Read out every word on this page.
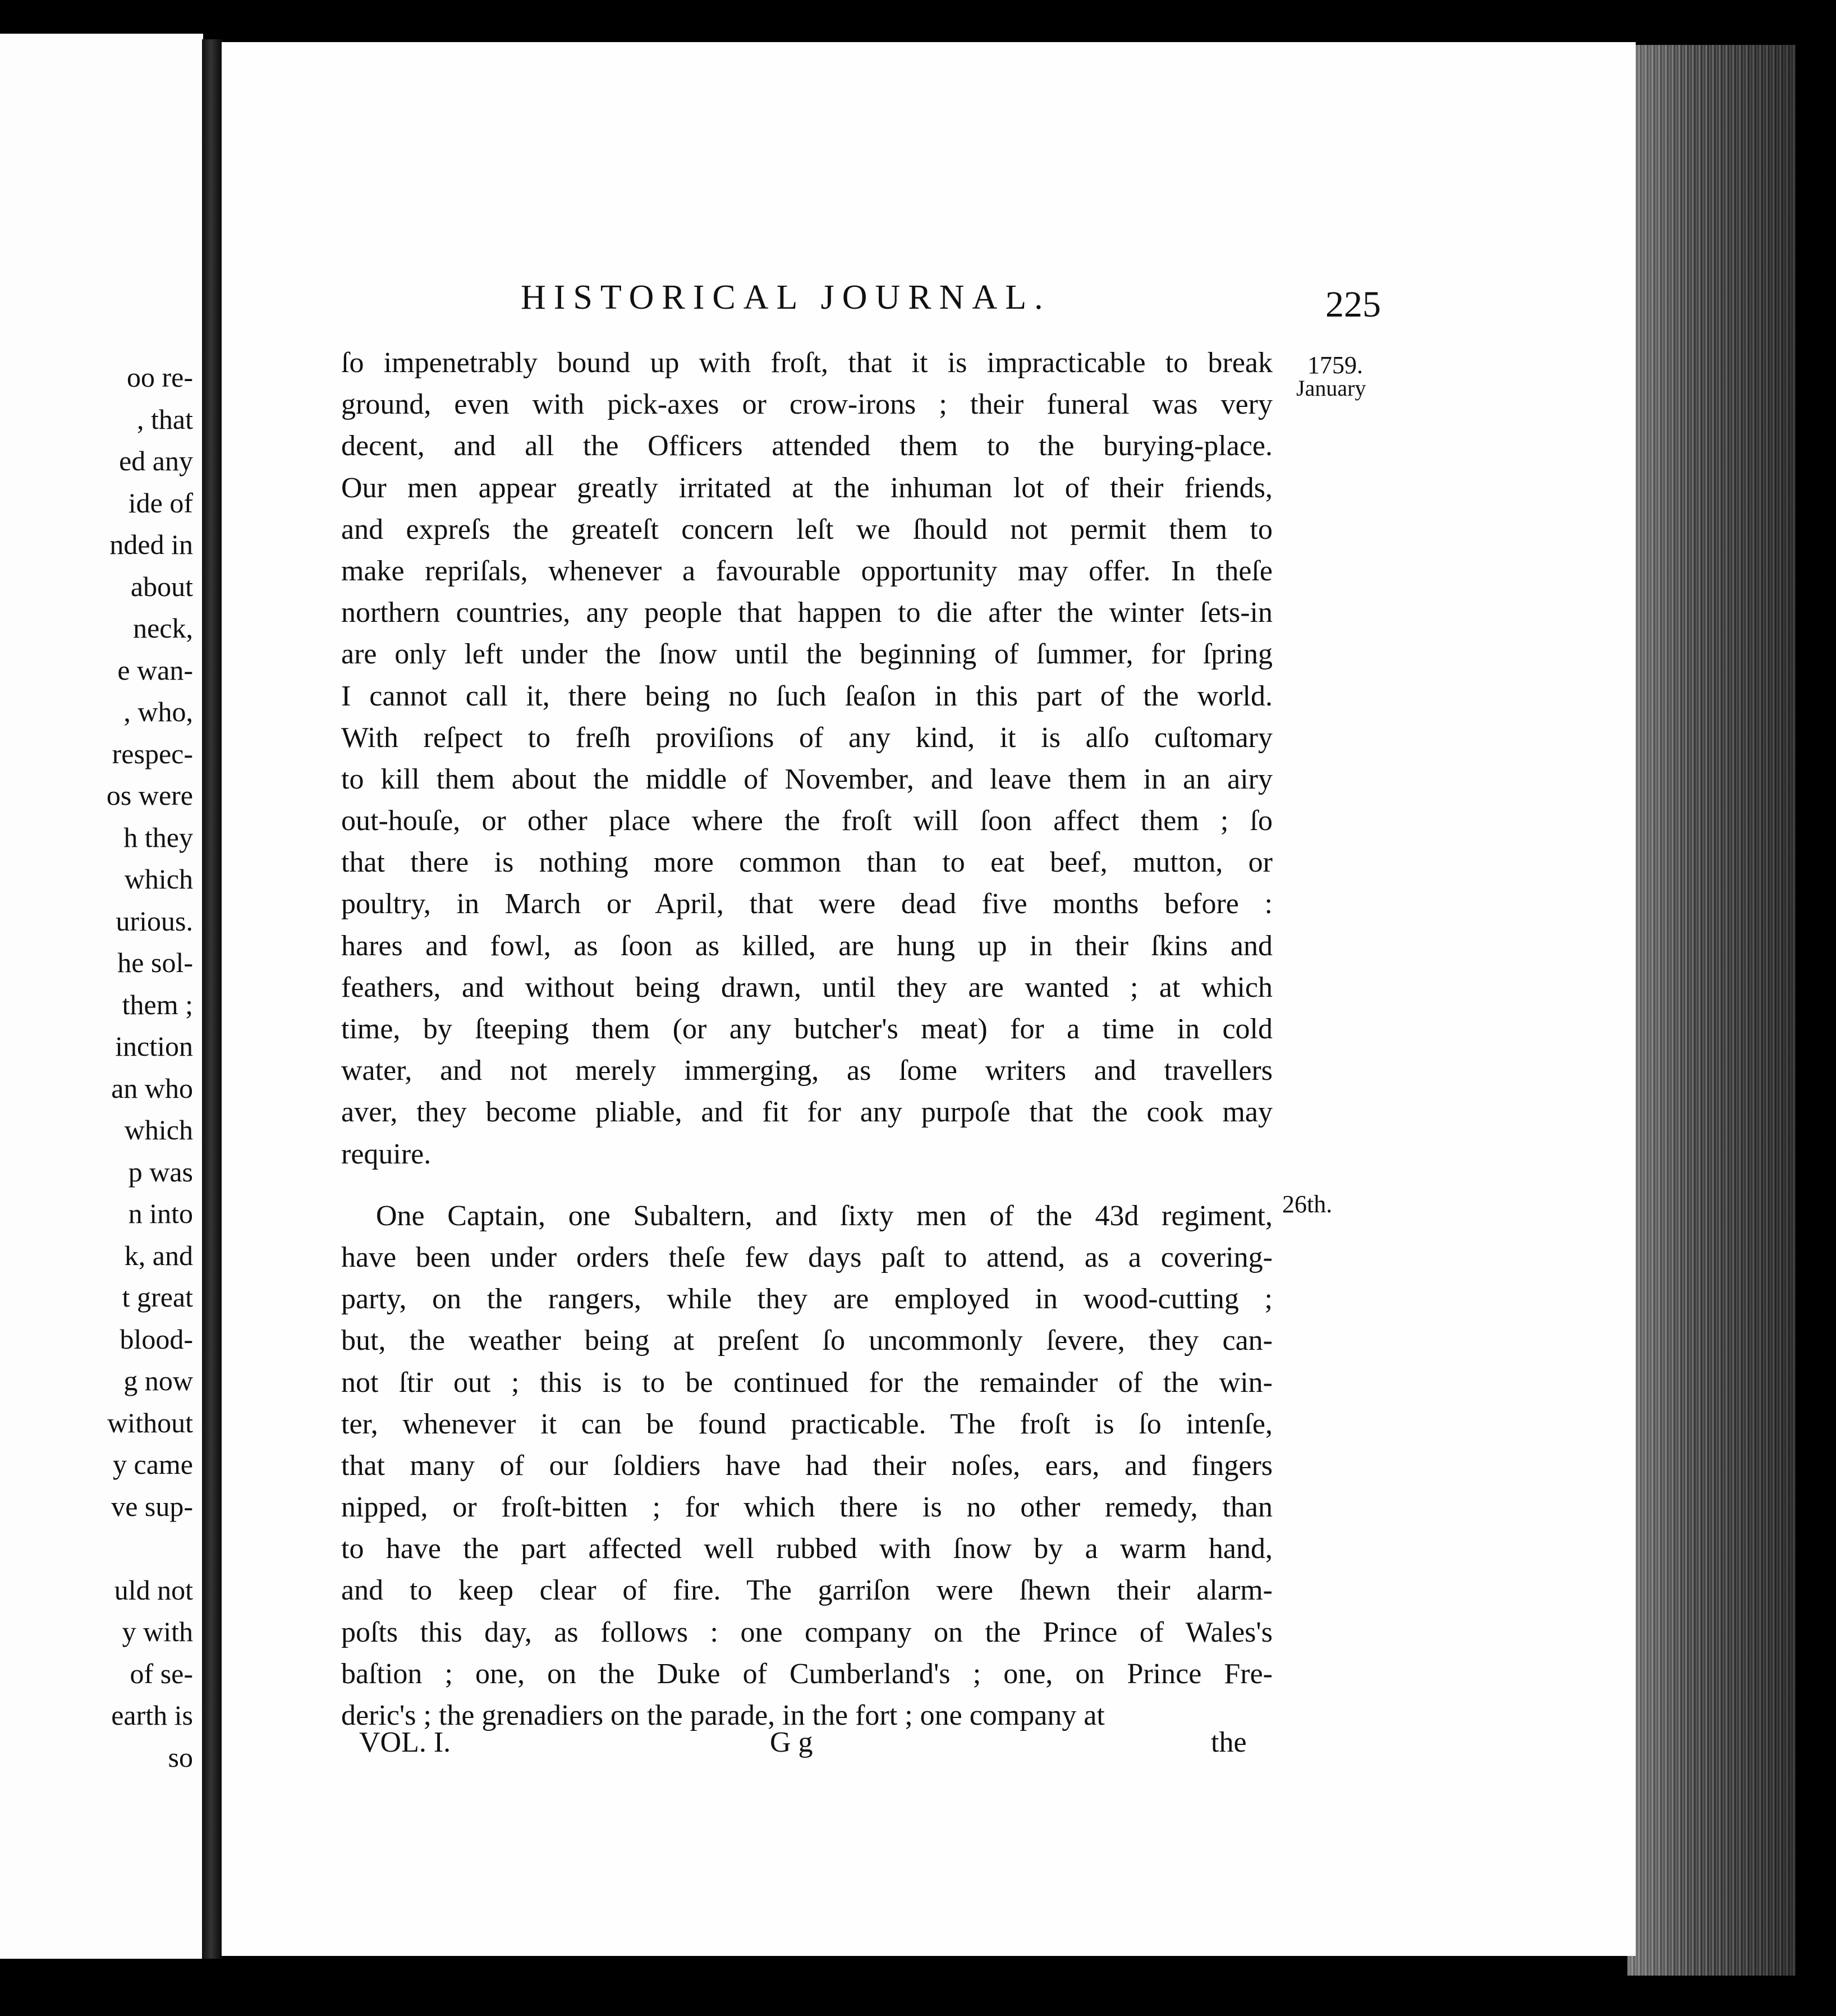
oo re-
, that
ed any
ide of
nded in
about
neck,
e wan-
, who,
respec-
os were
h they
which
urious.
he sol-
them ;
inction
an who
which
p was
n into
k, and
t great
blood-
g now
without
y came
ve sup-
uld not
y with
of se-
earth is
so
HISTORICAL JOURNAL.	225
1759.
January
26th.
ſo impenetrably bound up with froſt, that it is impracticable to break
ground, even with pick-axes or crow-irons ; their funeral was very
decent, and all the Officers attended them to the burying-place.
Our men appear greatly irritated at the inhuman lot of their friends,
and expreſs the greateſt concern leſt we ſhould not permit them to
make repriſals, whenever a favourable opportunity may offer. In theſe
northern countries, any people that happen to die after the winter ſets-in
are only left under the ſnow until the beginning of ſummer, for ſpring
I cannot call it, there being no ſuch ſeaſon in this part of the world.
With reſpect to freſh proviſions of any kind, it is alſo cuſtomary
to kill them about the middle of November, and leave them in an airy
out-houſe, or other place where the froſt will ſoon affect them ; ſo
that there is nothing more common than to eat beef, mutton, or
poultry, in March or April, that were dead five months before :
hares and fowl, as ſoon as killed, are hung up in their ſkins and
feathers, and without being drawn, until they are wanted ; at which
time, by ſteeping them (or any butcher's meat) for a time in cold
water, and not merely immerging, as ſome writers and travellers
aver, they become pliable, and fit for any purpoſe that the cook may
require.
One Captain, one Subaltern, and ſixty men of the 43d regiment,
have been under orders theſe few days paſt to attend, as a covering-
party, on the rangers, while they are employed in wood-cutting ;
but, the weather being at preſent ſo uncommonly ſevere, they can-
not ſtir out ; this is to be continued for the remainder of the win-
ter, whenever it can be found practicable. The froſt is ſo intenſe,
that many of our ſoldiers have had their noſes, ears, and fingers
nipped, or froſt-bitten ; for which there is no other remedy, than
to have the part affected well rubbed with ſnow by a warm hand,
and to keep clear of fire. The garriſon were ſhewn their alarm-
poſts this day, as follows : one company on the Prince of Wales's
baſtion ; one, on the Duke of Cumberland's ; one, on Prince Fre-
deric's ; the grenadiers on the parade, in the fort ; one company at
VOL. I.	G g	the
